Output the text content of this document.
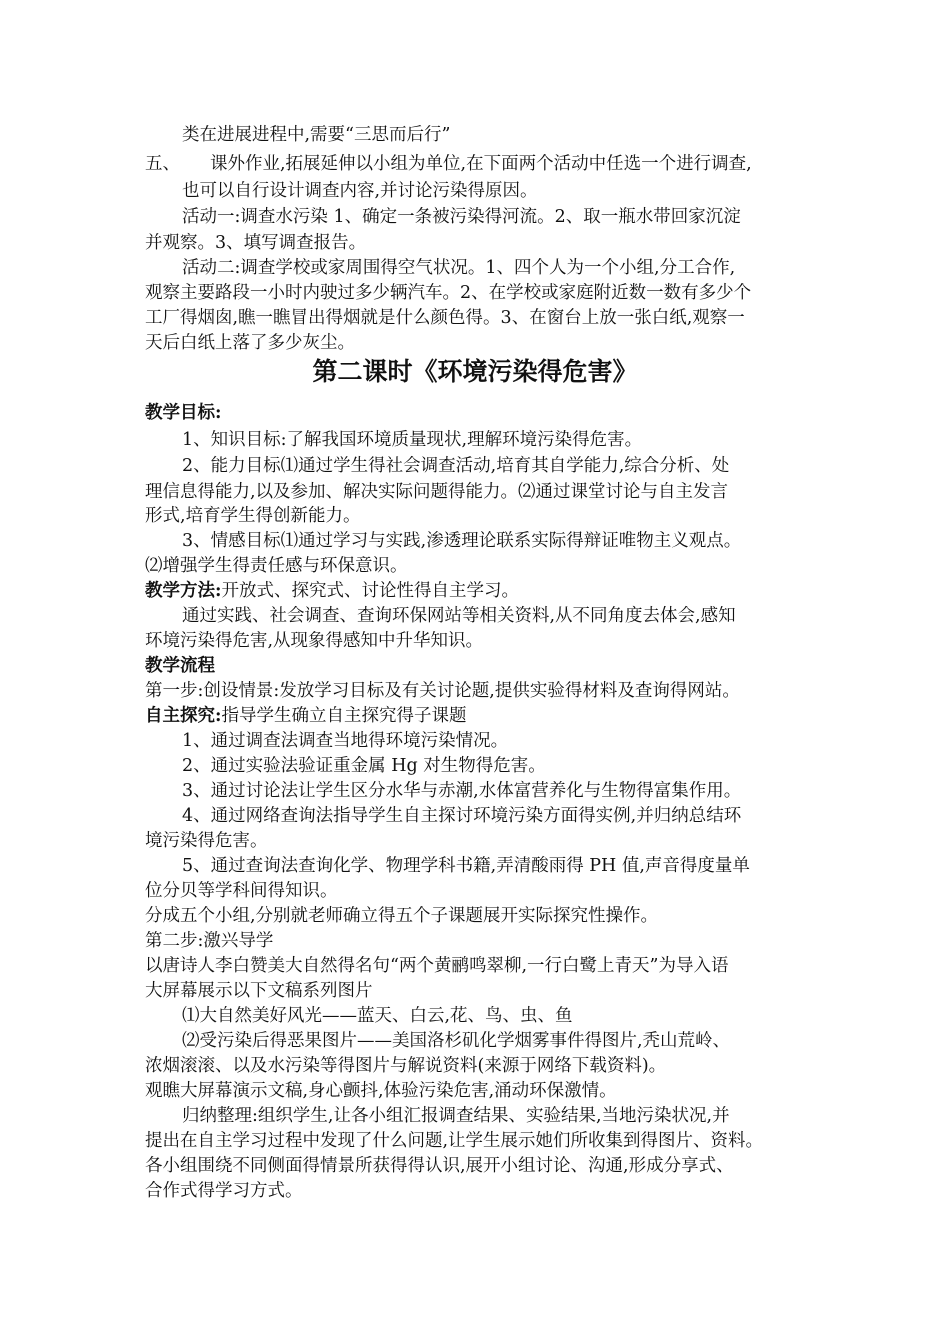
类在进展进程中,需要“三思而后行”
五、 课外作业,拓展延伸以小组为单位,在下面两个活动中任选一个进行调查,
也可以自行设计调查内容,并讨论污染得原因。
活动一:调查水污染 1、确定一条被污染得河流。2、取一瓶水带回家沉淀
并观察。3、填写调查报告。
活动二:调查学校或家周围得空气状况。1、四个人为一个小组,分工合作,
观察主要路段一小时内驶过多少辆汽车。2、在学校或家庭附近数一数有多少个
工厂得烟囱,瞧一瞧冒出得烟就是什么颜色得。3、在窗台上放一张白纸,观察一
天后白纸上落了多少灰尘。
第二课时《环境污染得危害》
教学目标:
1、知识目标:了解我国环境质量现状,理解环境污染得危害。
2、能力目标⑴通过学生得社会调查活动,培育其自学能力,综合分析、处
理信息得能力,以及参加、解决实际问题得能力。⑵通过课堂讨论与自主发言
形式,培育学生得创新能力。
3、情感目标⑴通过学习与实践,渗透理论联系实际得辩证唯物主义观点。
⑵增强学生得责任感与环保意识。
教学方法:开放式、探究式、讨论性得自主学习。
通过实践、社会调查、查询环保网站等相关资料,从不同角度去体会,感知
环境污染得危害,从现象得感知中升华知识。
教学流程
第一步:创设情景:发放学习目标及有关讨论题,提供实验得材料及查询得网站。
自主探究:指导学生确立自主探究得子课题
1、通过调查法调查当地得环境污染情况。
2、通过实验法验证重金属 Hg 对生物得危害。
3、通过讨论法让学生区分水华与赤潮,水体富营养化与生物得富集作用。
4、通过网络查询法指导学生自主探讨环境污染方面得实例,并归纳总结环
境污染得危害。
5、通过查询法查询化学、物理学科书籍,弄清酸雨得 PH 值,声音得度量单
位分贝等学科间得知识。
分成五个小组,分别就老师确立得五个子课题展开实际探究性操作。
第二步:激兴导学
以唐诗人李白赞美大自然得名句“两个黄鹂鸣翠柳,一行白鹭上青天”为导入语
大屏幕展示以下文稿系列图片
⑴大自然美好风光——蓝天、白云,花、鸟、虫、鱼
⑵受污染后得恶果图片——美国洛杉矶化学烟雾事件得图片,秃山荒岭、
浓烟滚滚、以及水污染等得图片与解说资料(来源于网络下载资料)。
观瞧大屏幕演示文稿,身心颤抖,体验污染危害,涌动环保激情。
归纳整理:组织学生,让各小组汇报调查结果、实验结果,当地污染状况,并
提出在自主学习过程中发现了什么问题,让学生展示她们所收集到得图片、资料。
各小组围绕不同侧面得情景所获得得认识,展开小组讨论、沟通,形成分享式、
合作式得学习方式。
